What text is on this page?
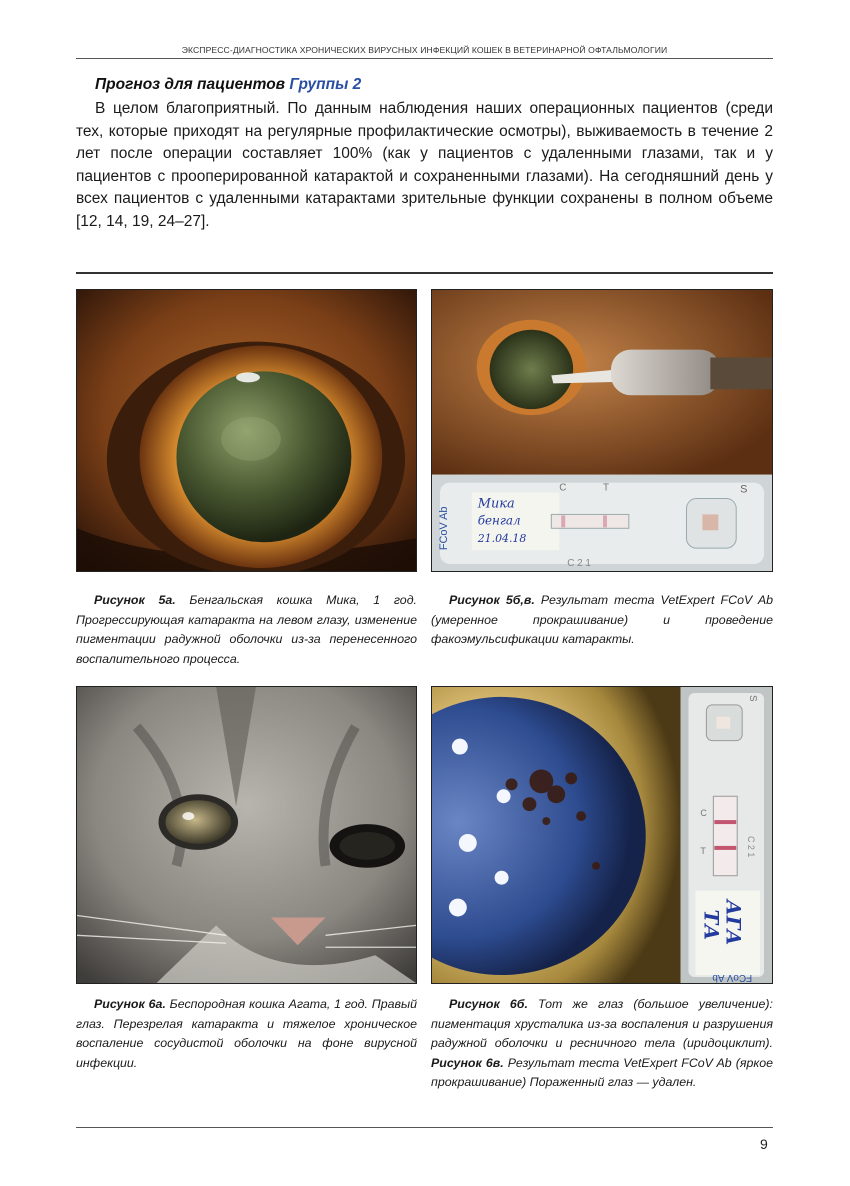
ЭКСПРЕСС-ДИАГНОСТИКА ХРОНИЧЕСКИХ ВИРУСНЫХ ИНФЕКЦИЙ КОШЕК В ВЕТЕРИНАРНОЙ ОФТАЛЬМОЛОГИИ
Прогноз для пациентов Группы 2

В целом благоприятный. По данным наблюдения наших операционных пациентов (среди тех, которые приходят на регулярные профилактические осмотры), выживаемость в течение 2 лет после операции составляет 100% (как у пациентов с удаленными глазами, так и у пациентов с прооперированной катарактой и сохраненными глазами). На сегодняшний день у всех пациентов с удаленными катарактами зрительные функции сохранены в полном объеме [12, 14, 19, 24–27].

FCoV Ab
Мика
бенгал
21.04.18
C	T	S
C 2 1

Рисунок 5а. Бенгальская кошка Мика, 1 год. Прогрессирующая катаракта на левом глазу, изменение пигментации радужной оболочки из-за перенесенного воспалительного процесса.

Рисунок 5б,в. Результат теста VetExpert FCoV Ab (умеренное прокрашивание) и проведение факоэмульсификации катаракты.

S
C
T	C 2 1
АГА
ТА
FCoV Ab

Рисунок 6а. Беспородная кошка Агата, 1 год. Правый глаз. Перезрелая катаракта и тяжелое хроническое воспаление сосудистой оболочки на фоне вирусной инфекции.

Рисунок 6б. Тот же глаз (большое увеличение): пигментация хрусталика из-за воспаления и разрушения радужной оболочки и ресничного тела (иридоциклит). Рисунок 6в. Результат теста VetExpert FCoV Ab (яркое прокрашивание) Пораженный глаз — удален.

9
